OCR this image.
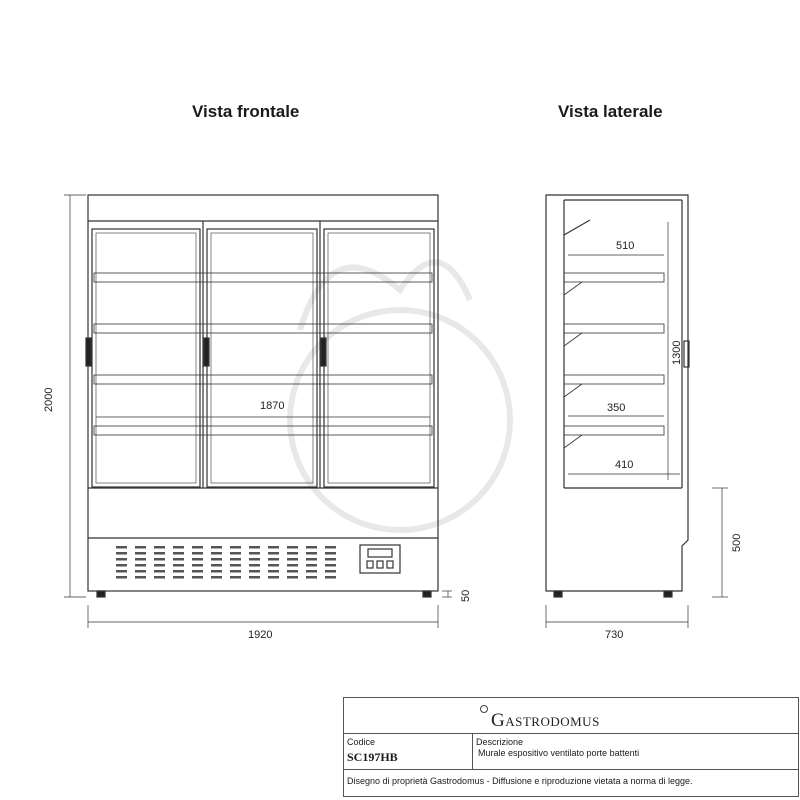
Vista frontale	Vista laterale
2000
1920
1870
50
510
350
410
1300
730
500
Gastrodomus
Codice
SC197HB
Descrizione
Murale espositivo ventilato porte battenti
Disegno di proprietà Gastrodomus - Diffusione e riproduzione vietata a norma di legge.
